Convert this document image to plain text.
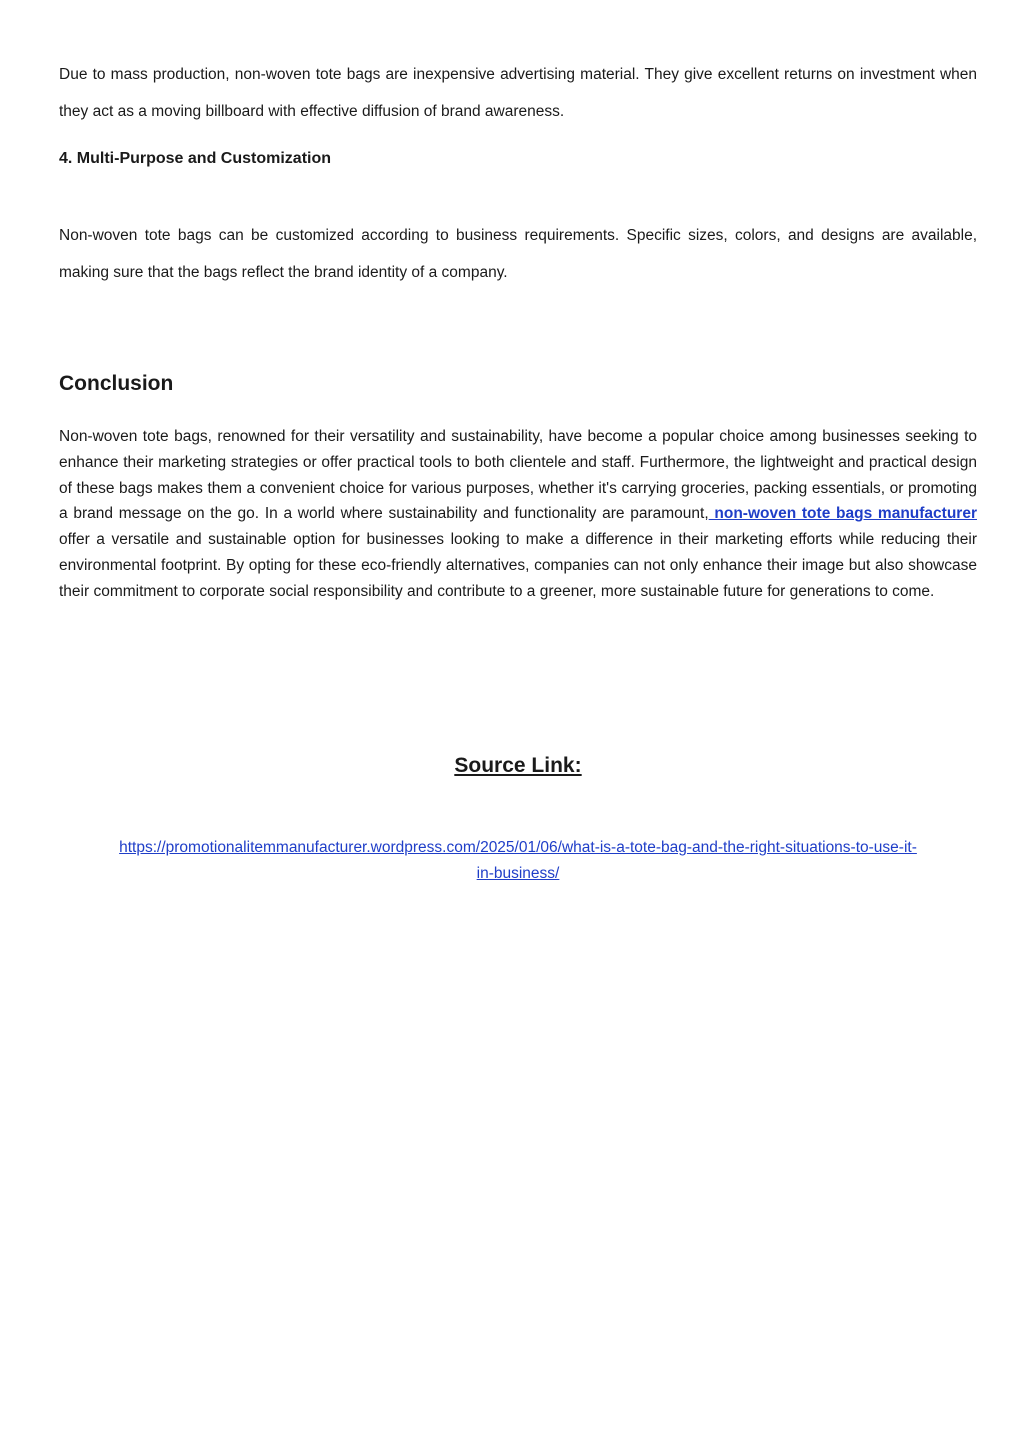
Due to mass production, non-woven tote bags are inexpensive advertising material. They give excellent returns on investment when they act as a moving billboard with effective diffusion of brand awareness.

4. Multi-Purpose and Customization

Non-woven tote bags can be customized according to business requirements. Specific sizes, colors, and designs are available, making sure that the bags reflect the brand identity of a company.

Conclusion

Non-woven tote bags, renowned for their versatility and sustainability, have become a popular choice among businesses seeking to enhance their marketing strategies or offer practical tools to both clientele and staff. Furthermore, the lightweight and practical design of these bags makes them a convenient choice for various purposes, whether it's carrying groceries, packing essentials, or promoting a brand message on the go. In a world where sustainability and functionality are paramount, non-woven tote bags manufacturer offer a versatile and sustainable option for businesses looking to make a difference in their marketing efforts while reducing their environmental footprint. By opting for these eco-friendly alternatives, companies can not only enhance their image but also showcase their commitment to corporate social responsibility and contribute to a greener, more sustainable future for generations to come.

Source Link:
https://promotionalitemmanufacturer.wordpress.com/2025/01/06/what-is-a-tote-bag-and-the-right-situations-to-use-it-in-business/
